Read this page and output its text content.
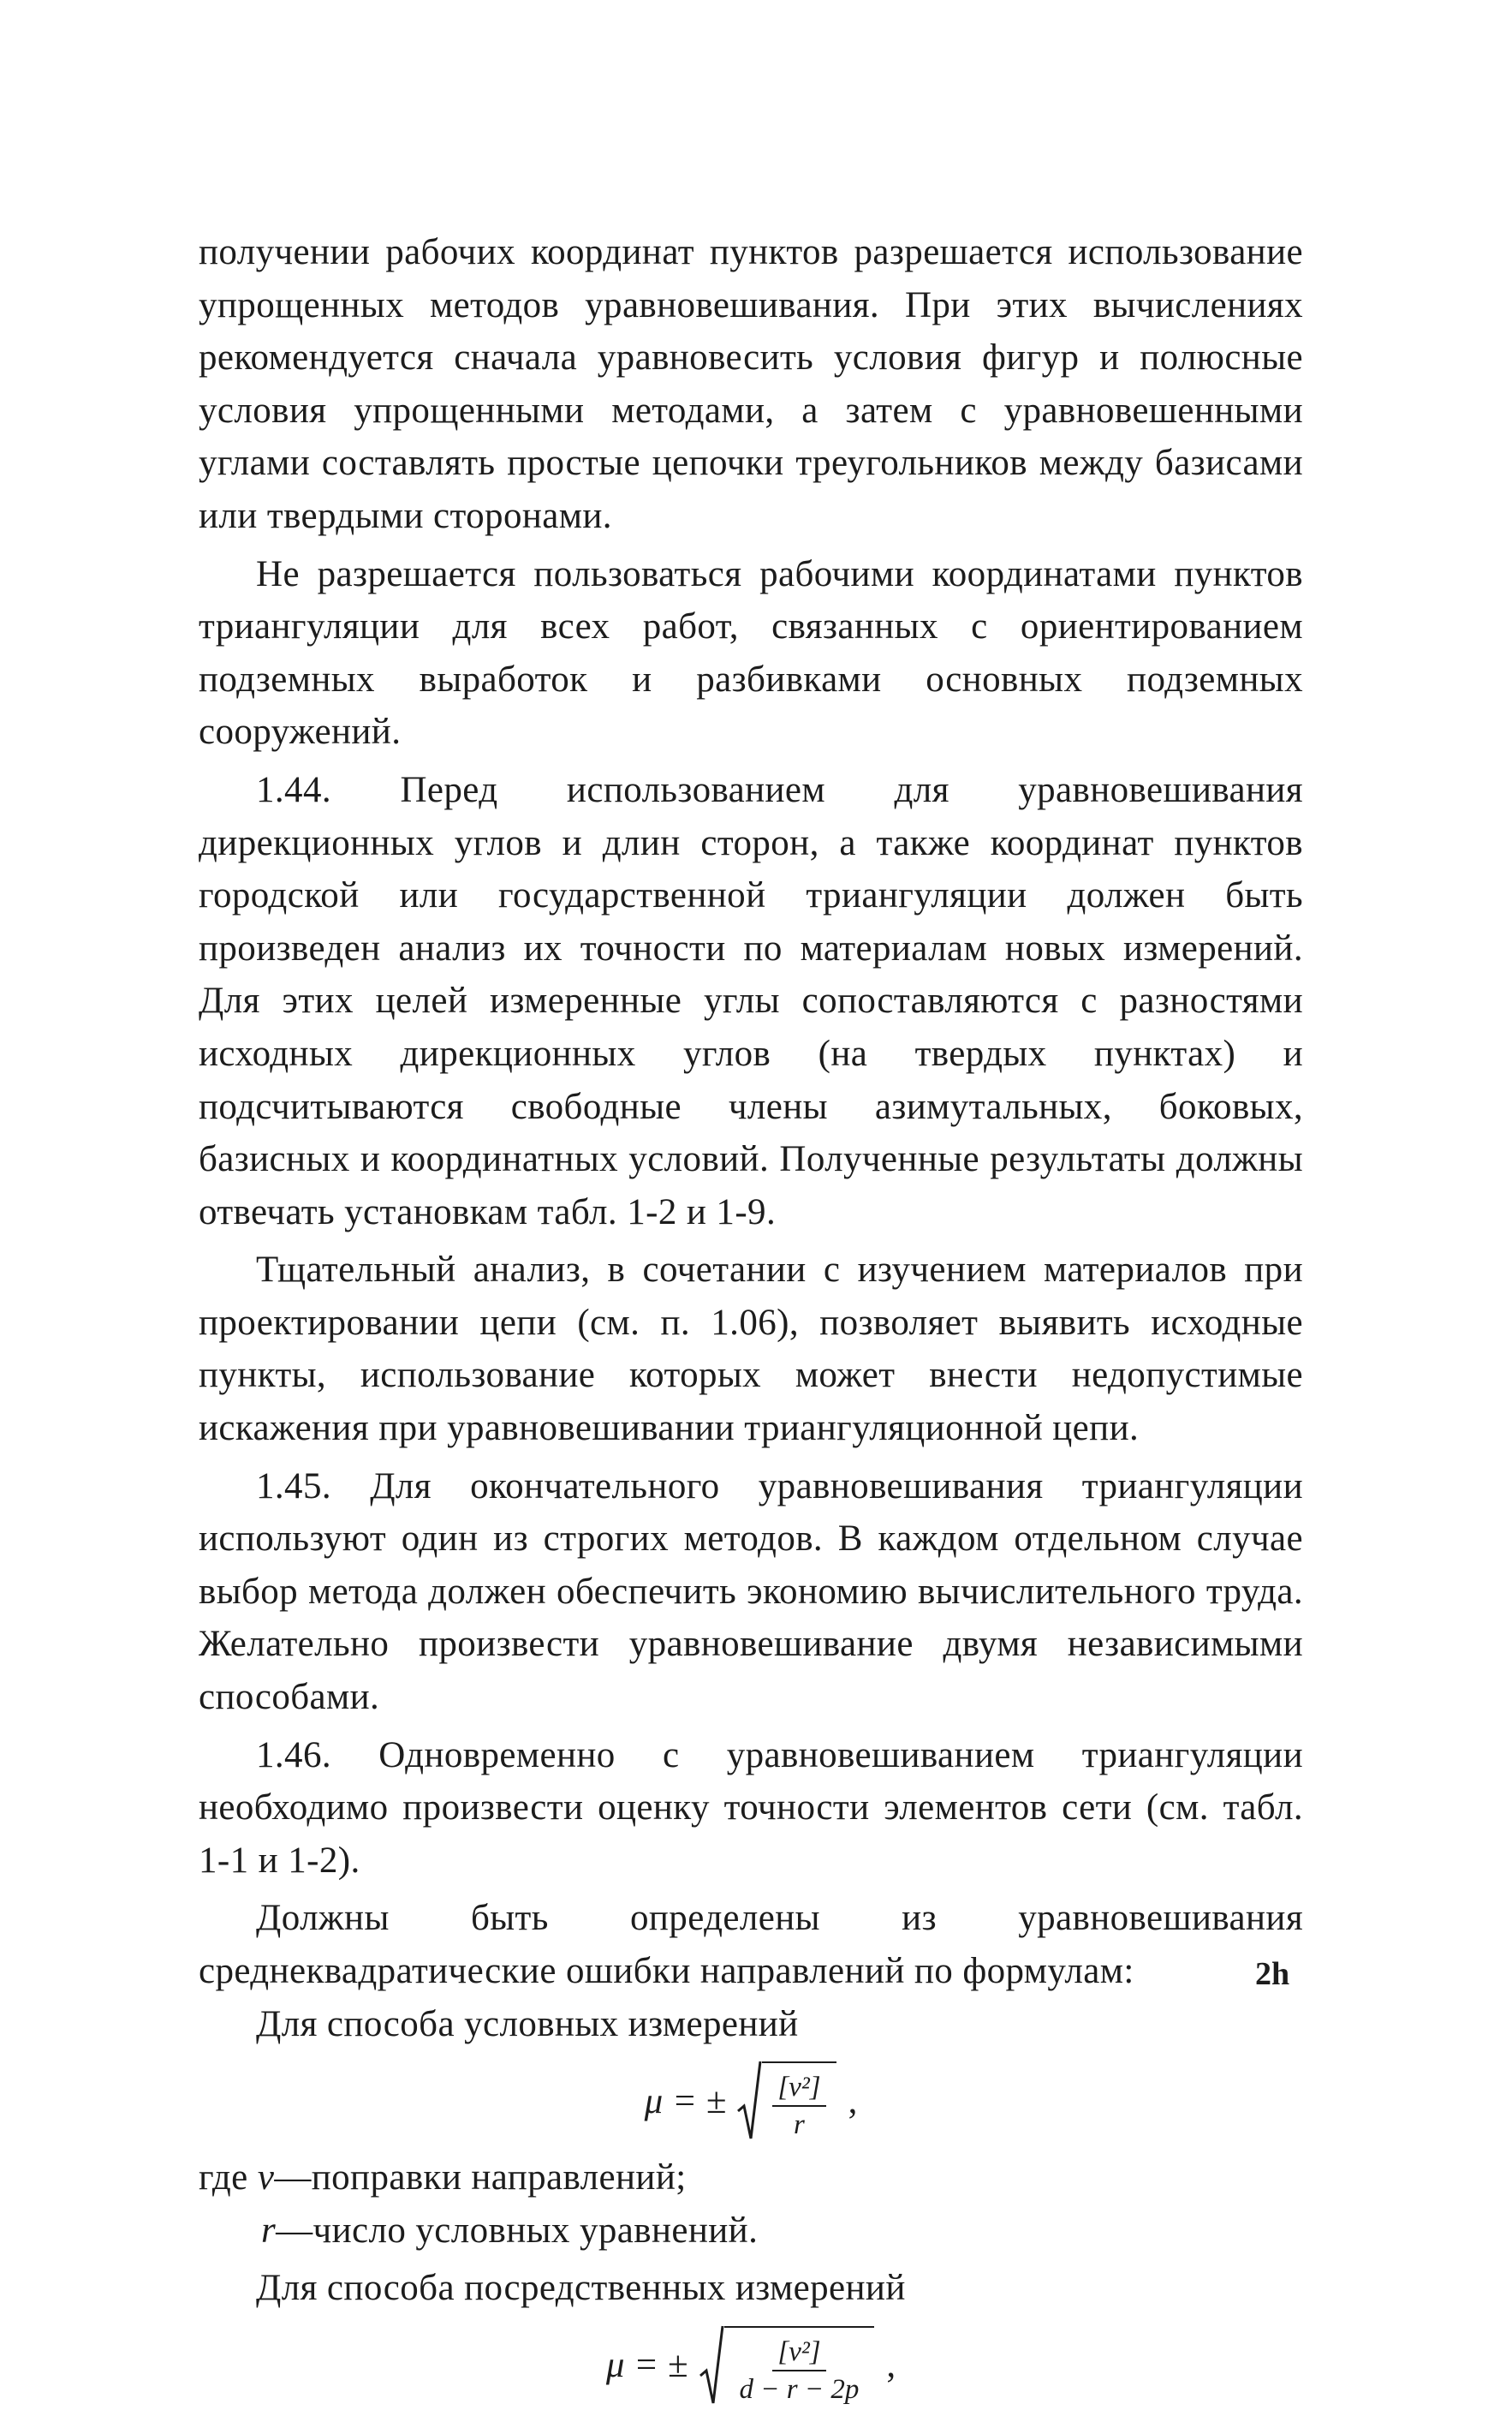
получении рабочих координат пунктов разрешается использование упрощенных методов уравновешивания. При этих вычислениях рекомендуется сначала уравновесить условия фигур и полюсные условия упрощенными методами, а затем с уравновешенными углами составлять простые цепочки треугольников между базисами или твердыми сторонами.

Не разрешается пользоваться рабочими координатами пунктов триангуляции для всех работ, связанных с ориентированием подземных выработок и разбивками основных подземных сооружений.

1.44. Перед использованием для уравновешивания дирекционных углов и длин сторон, а также координат пунктов городской или государственной триангуляции должен быть произведен анализ их точности по материалам новых измерений. Для этих целей измеренные углы сопоставляются с разностями исходных дирекционных углов (на твердых пунктах) и подсчитываются свободные члены азимутальных, боковых, базисных и координатных условий. Полученные результаты должны отвечать установкам табл. 1-2 и 1-9.

Тщательный анализ, в сочетании с изучением материалов при проектировании цепи (см. п. 1.06), позволяет выявить исходные пункты, использование которых может внести недопустимые искажения при уравновешивании триангуляционной цепи.

1.45. Для окончательного уравновешивания триангуляции используют один из строгих методов. В каждом отдельном случае выбор метода должен обеспечить экономию вычислительного труда. Желательно произвести уравновешивание двумя независимыми способами.

1.46. Одновременно с уравновешиванием триангуляции необходимо произвести оценку точности элементов сети (см. табл. 1-1 и 1-2).

Должны быть определены из уравновешивания среднеквадратические ошибки направлений по формулам:

Для способа условных измерений

μ = ± $\frac{\text{[v²]}}{r}$ ,

где v—поправки направлений;

r—число условных уравнений.

Для способа посредственных измерений

μ = ± $\frac{\text{[v²]}}{d - r - 2p}$ ,
2h
